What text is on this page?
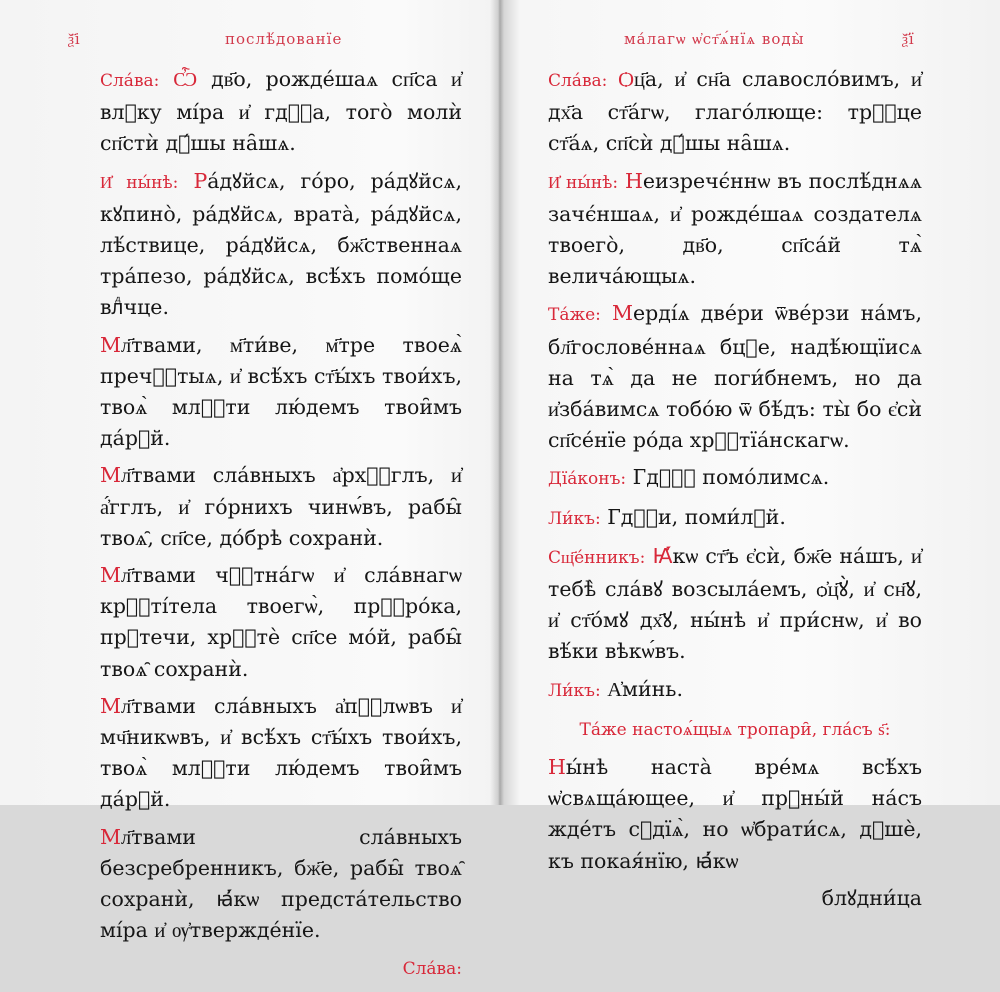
ѯ҃і	послѣ́дованїе

Сла́ва: Ѽ дв҃о, рожде́шаѧ сп҃са и҆ влⷣку мі́ра и҆ гдⷭ҇а, того̀ молѝ сп҃стѝ дꙋ́шы на̑шѧ.

И҆ ны́нѣ: Ра́дꙋйсѧ, го́ро, ра́дꙋйсѧ, кꙋпино̀, ра́дꙋйсѧ, врата̀, ра́дꙋйсѧ, лѣ́ствице, ра́дꙋйсѧ, бж҃ственнаѧ тра́пезо, ра́дꙋйсѧ, всѣ́хъ помо́ще влⷣчце.

Мл҃твами, м҃ти́ве, м҃тре твоеѧ̀ пречⷭ҇тыѧ, и҆ всѣ́хъ ст҃ы́хъ твои́хъ, твоѧ̀ млⷭ҇ти лю́демъ твои̑мъ да́рꙋй.

Мл҃твами сла́вныхъ а҆рхⷢ҇глъ, и҆ а҆́гглъ, и҆ го́рнихъ чинѡ́въ, рабы̑ твоѧ̑, сп҃се, до́брѣ сохранѝ.

Мл҃твами чⷭ҇тна́гѡ и҆ сла́внагѡ крⷭ҇тı́тела твоегѡ̀, прⷪ҇ро́ка, прⷣтечи, хрⷭ҇тѐ сп҃се мо́й, рабы̑ твоѧ̑ сохранѝ.

Мл҃твами сла́вныхъ а҆пⷭ҇лѡвъ и҆ мч҃никѡвъ, и҆ всѣ́хъ ст҃ы́хъ твои́хъ, твоѧ̀ млⷭ҇ти лю́демъ твои̑мъ да́рꙋй.

Мл҃твами сла́вныхъ безсребренникъ, бж҃е, рабы̑ твоѧ̑ сохранѝ, ꙗ҆́кѡ предста́тельство мі́ра и҆ ѹ҆твержде́нїе.

Сла́ва:

ма́лагѡ ѡ҆ст҃ѧ́нїѧ воды̀	ѯ҃ї

Сла́ва: Ѻц҃а, и҆ сн҃а славосло́вимъ, и҆ дх҃а ст҃а́гѡ, глаго́люще: трⷪ҇це ст҃а́ѧ, сп҃сѝ дꙋ́шы на̑шѧ.

И҆ ны́нѣ: Неизречє́ннѡ въ послѣ́днѧѧ зачє́ншаѧ, и҆ рожде́шаѧ создателѧ твоего̀, дв҃о, сп҃са́й тѧ̀ велича́ющыѧ.

Та́же: Мерді́ѧ две́ри ѿве́рзи на́мъ, бл҃гослове́ннаѧ бцⷣе, надѣ́ющїисѧ на тѧ̀ да не поги́бнемъ, но да и҆зба́вимсѧ тобо́ю ѿ бѣ́дъ: ты̀ бо є҆сѝ сп҃се́нїе ро́да хрⷭ҇тїа́нскагѡ.

Дїа́конъ: Гдⷭ҇ꙋ помо́лимсѧ.

Ли́къ: Гдⷭ҇и, поми́лꙋй.

Сщ҃е́нникъ: Ꙗ҆́кѡ ст҃ъ є҆сѝ, бж҃е на́шъ, и҆ тебѣ̀ сла́вꙋ возсыла́емъ, ѻ҆ц҃ꙋ̀, и҆ сн҃ꙋ, и҆ ст҃о́мꙋ дх҃ꙋ, ны́нѣ и҆ при́снѡ, и҆ во вѣ́ки вѣкѡ́въ.

Ли́къ: А҆ми́нь.

Та́же настоѧ́щыѧ тропари̑, гла́съ ѕ҃:

Ны́нѣ наста̀ вре́мѧ всѣ́хъ ѡ҆свѧща́ющее, и҆ прⷣны́й на́съ жде́тъ сꙋдїѧ̀, но ѡ҆брати́сѧ, дꙋшѐ, къ покая́нїю, ꙗ҆́кѡ

блꙋдни́ца
